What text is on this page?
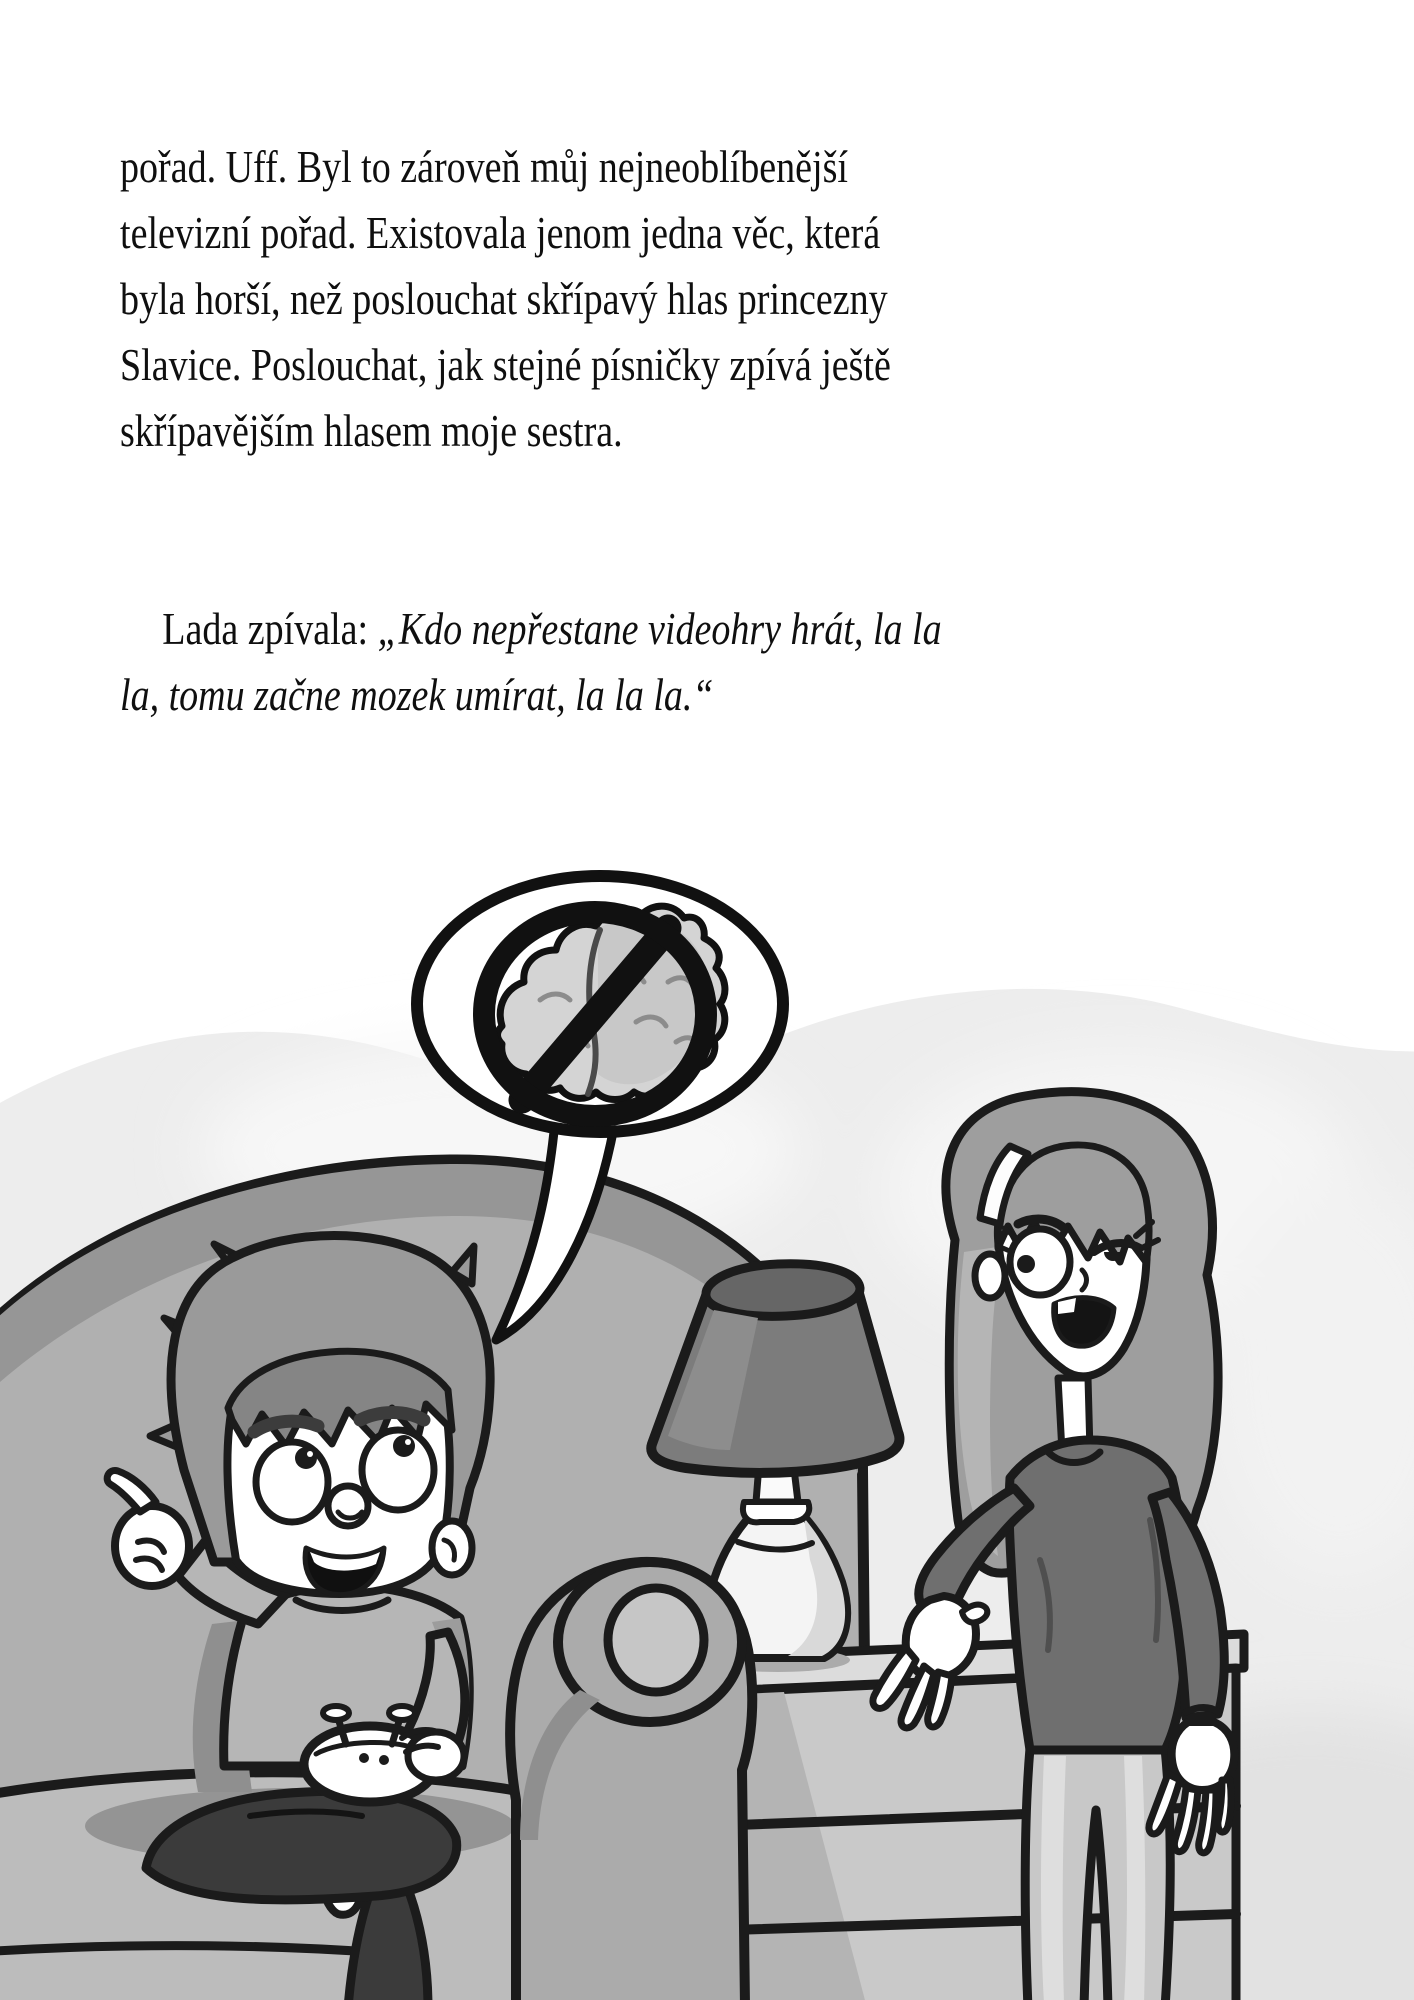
pořad. Uff. Byl to zároveň můj nejneoblíbenější
televizní pořad. Existovala jenom jedna věc, která
byla horší, než poslouchat skřípavý hlas princezny
Slavice. Poslouchat, jak stejné písničky zpívá ještě
skřípavějším hlasem moje sestra.
Lada zpívala: „Kdo nepřestane videohry hrát, la la
la, tomu začne mozek umírat, la la la.“
